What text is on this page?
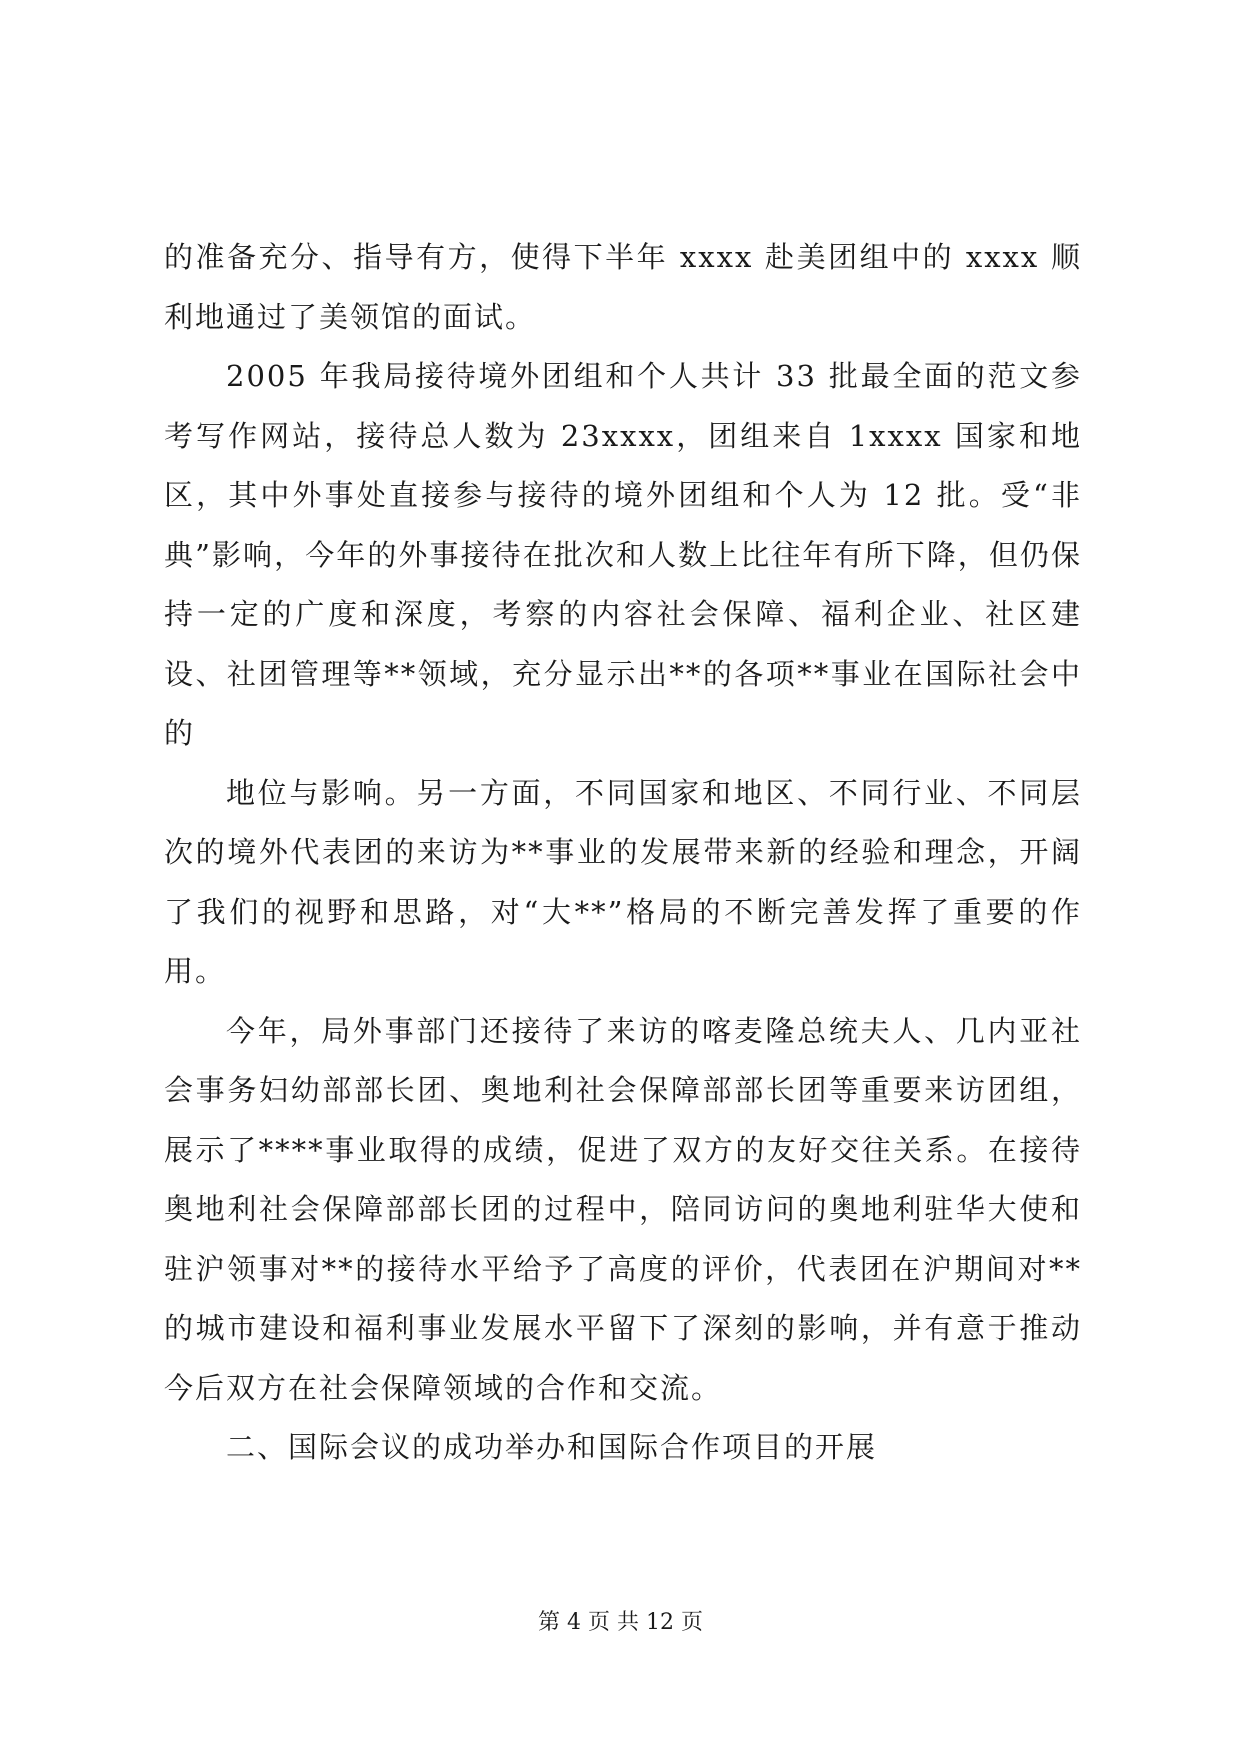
的准备充分、指导有方，使得下半年 xxxx 赴美团组中的 xxxx 顺利地通过了美领馆的面试。

2005 年我局接待境外团组和个人共计 33 批最全面的范文参考写作网站，接待总人数为 23xxxx，团组来自 1xxxx 国家和地区，其中外事处直接参与接待的境外团组和个人为 12 批。受“非典”影响，今年的外事接待在批次和人数上比往年有所下降，但仍保持一定的广度和深度，考察的内容社会保障、福利企业、社区建设、社团管理等**领域，充分显示出**的各项**事业在国际社会中的

地位与影响。另一方面，不同国家和地区、不同行业、不同层次的境外代表团的来访为**事业的发展带来新的经验和理念，开阔了我们的视野和思路，对“大**”格局的不断完善发挥了重要的作用。

今年，局外事部门还接待了来访的喀麦隆总统夫人、几内亚社会事务妇幼部部长团、奥地利社会保障部部长团等重要来访团组，展示了****事业取得的成绩，促进了双方的友好交往关系。在接待奥地利社会保障部部长团的过程中，陪同访问的奥地利驻华大使和驻沪领事对**的接待水平给予了高度的评价，代表团在沪期间对**的城市建设和福利事业发展水平留下了深刻的影响，并有意于推动今后双方在社会保障领域的合作和交流。

二、国际会议的成功举办和国际合作项目的开展

第 4 页 共 12 页
